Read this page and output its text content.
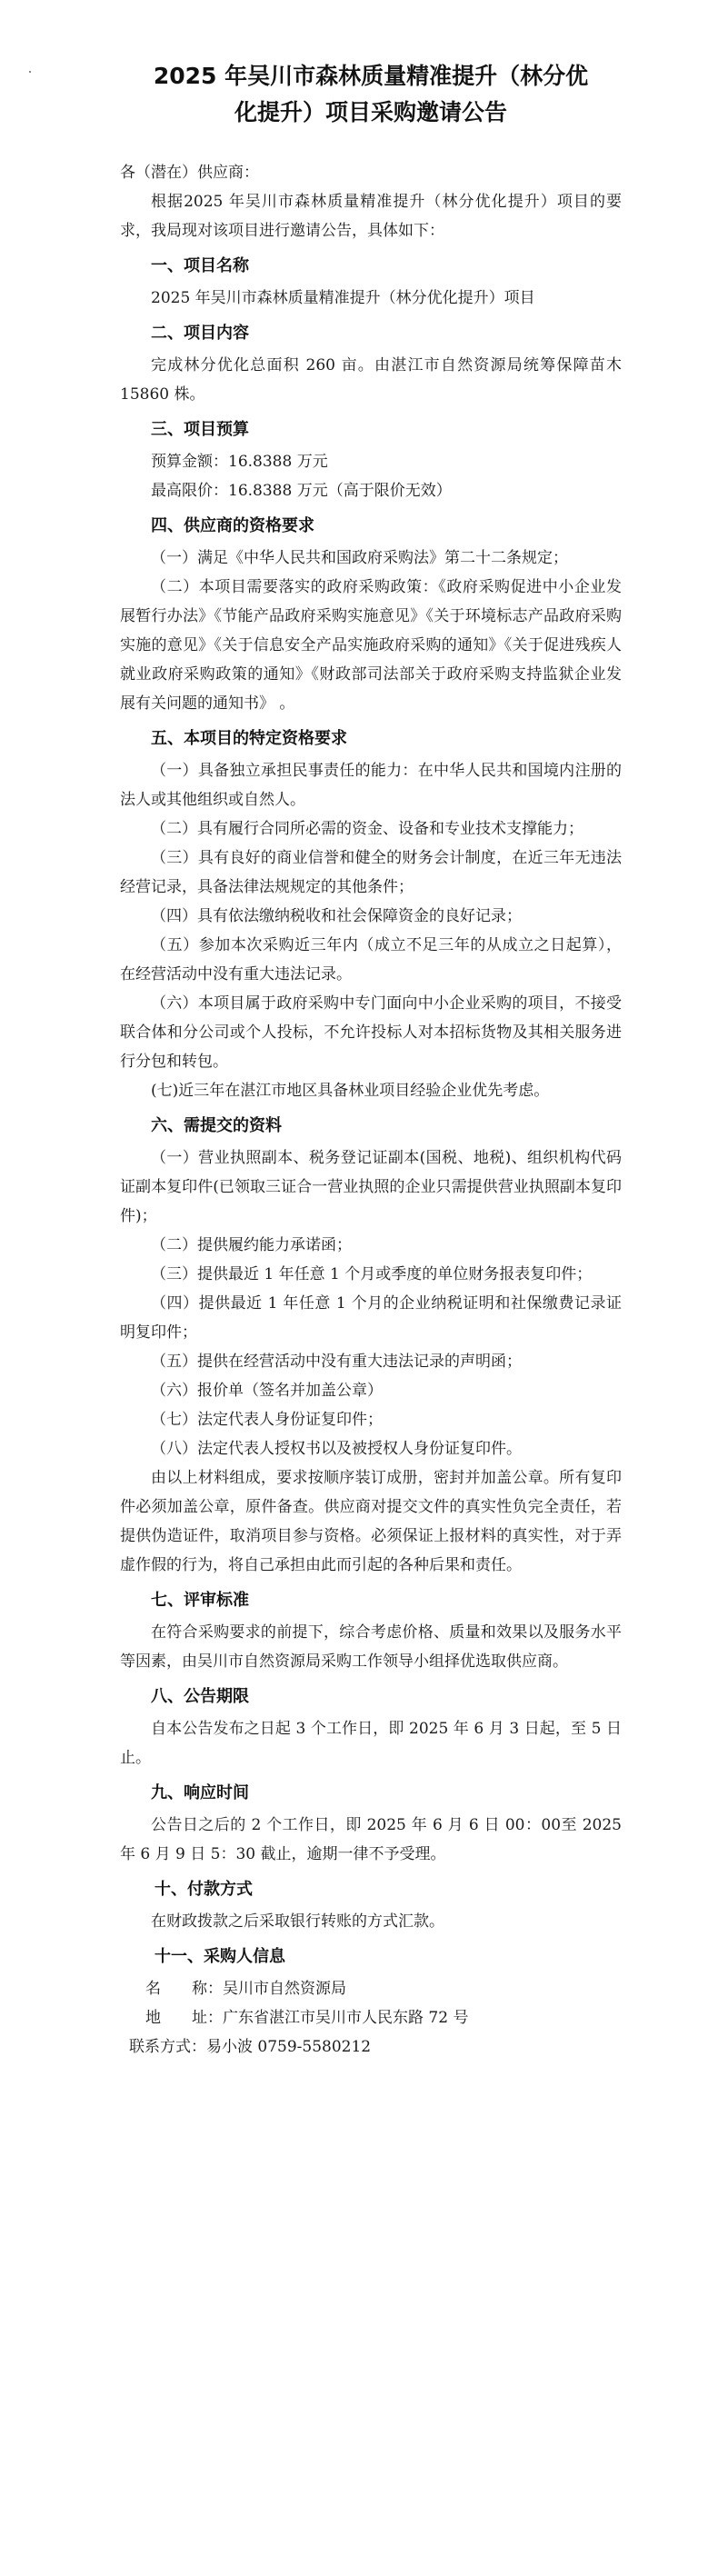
2025 年吴川市森林质量精准提升（林分优
化提升）项目采购邀请公告

各（潜在）供应商：

根据2025 年吴川市森林质量精准提升（林分优化提升）项目的要求，我局现对该项目进行邀请公告，具体如下：

一、项目名称

2025 年吴川市森林质量精准提升（林分优化提升）项目

二、项目内容

完成林分优化总面积 260 亩。由湛江市自然资源局统筹保障苗木 15860 株。

三、项目预算

预算金额：16.8388 万元

最高限价：16.8388 万元（高于限价无效）

四、供应商的资格要求

（一）满足《中华人民共和国政府采购法》第二十二条规定；

（二）本项目需要落实的政府采购政策：《政府采购促进中小企业发展暂行办法》《节能产品政府采购实施意见》《关于环境标志产品政府采购实施的意见》《关于信息安全产品实施政府采购的通知》《关于促进残疾人就业政府采购政策的通知》《财政部司法部关于政府采购支持监狱企业发展有关问题的通知书》 。

五、本项目的特定资格要求

（一）具备独立承担民事责任的能力：在中华人民共和国境内注册的法人或其他组织或自然人。

（二）具有履行合同所必需的资金、设备和专业技术支撑能力；

（三）具有良好的商业信誉和健全的财务会计制度，在近三年无违法经营记录，具备法律法规规定的其他条件；

（四）具有依法缴纳税收和社会保障资金的良好记录；

（五）参加本次采购近三年内（成立不足三年的从成立之日起算），在经营活动中没有重大违法记录。

（六）本项目属于政府采购中专门面向中小企业采购的项目，不接受联合体和分公司或个人投标，不允许投标人对本招标货物及其相关服务进行分包和转包。

(七)近三年在湛江市地区具备林业项目经验企业优先考虑。

六、需提交的资料

（一）营业执照副本、税务登记证副本(国税、地税)、组织机构代码证副本复印件(已领取三证合一营业执照的企业只需提供营业执照副本复印件)；

（二）提供履约能力承诺函；

（三）提供最近 1 年任意 1 个月或季度的单位财务报表复印件；

（四）提供最近 1 年任意 1 个月的企业纳税证明和社保缴费记录证明复印件；

（五）提供在经营活动中没有重大违法记录的声明函；

（六）报价单（签名并加盖公章）

（七）法定代表人身份证复印件；

（八）法定代表人授权书以及被授权人身份证复印件。

由以上材料组成，要求按顺序装订成册，密封并加盖公章。所有复印件必须加盖公章，原件备查。供应商对提交文件的真实性负完全责任，若提供伪造证件，取消项目参与资格。必须保证上报材料的真实性，对于弄虚作假的行为，将自己承担由此而引起的各种后果和责任。

七、评审标准

在符合采购要求的前提下，综合考虑价格、质量和效果以及服务水平等因素，由吴川市自然资源局采购工作领导小组择优选取供应商。

八、公告期限

自本公告发布之日起 3 个工作日，即 2025 年 6 月 3 日起，至 5 日止。

九、响应时间

公告日之后的 2 个工作日，即 2025 年 6 月 6 日 00：00至 2025 年 6 月 9 日 5：30 截止，逾期一律不予受理。

十、付款方式

在财政拨款之后采取银行转账的方式汇款。

十一、采购人信息

名　　称：吴川市自然资源局

地　　址：广东省湛江市吴川市人民东路 72 号

联系方式：易小波 0759-5580212
